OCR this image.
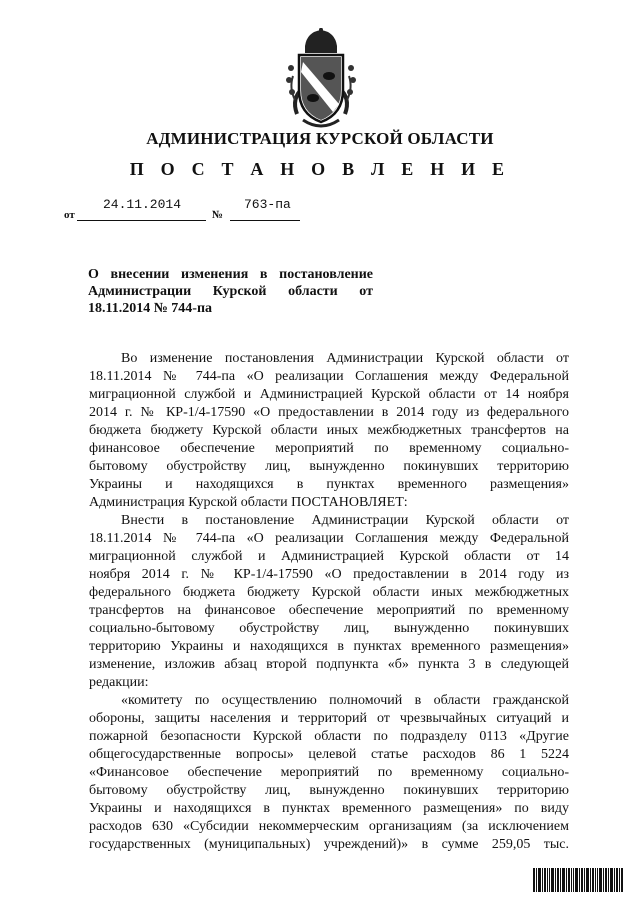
АДМИНИСТРАЦИЯ КУРСКОЙ ОБЛАСТИ
П О С Т А Н О В Л Е Н И Е
от
24.11.2014
№
763-па
О внесении изменения в постановление
Администрации Курской области от
18.11.2014 № 744-па
Во изменение постановления Администрации Курской области от
18.11.2014 № 744-па «О реализации Соглашения между Федеральной
миграционной службой и Администрацией Курской области от 14 ноября
2014 г. № КР-1/4-17590 «О предоставлении в 2014 году из федерального
бюджета бюджету Курской области иных межбюджетных трансфертов на
финансовое обеспечение мероприятий по временному социально-
бытовому обустройству лиц, вынужденно покинувших территорию
Украины и находящихся в пунктах временного размещения»
Администрация Курской области ПОСТАНОВЛЯЕТ:
Внести в постановление Администрации Курской области от
18.11.2014 № 744-па «О реализации Соглашения между Федеральной
миграционной службой и Администрацией Курской области от 14
ноября 2014 г. № КР-1/4-17590 «О предоставлении в 2014 году из
федерального бюджета бюджету Курской области иных межбюджетных
трансфертов на финансовое обеспечение мероприятий по временному
социально-бытовому обустройству лиц, вынужденно покинувших
территорию Украины и находящихся в пунктах временного размещения»
изменение, изложив абзац второй подпункта «б» пункта 3 в следующей
редакции:
«комитету по осуществлению полномочий в области гражданской
обороны, защиты населения и территорий от чрезвычайных ситуаций и
пожарной безопасности Курской области по подразделу 0113 «Другие
общегосударственные вопросы» целевой статье расходов 86 1 5224
«Финансовое обеспечение мероприятий по временному социально-
бытовому обустройству лиц, вынужденно покинувших территорию
Украины и находящихся в пунктах временного размещения» по виду
расходов 630 «Субсидии некоммерческим организациям (за исключением
государственных (муниципальных) учреждений)» в сумме 259,05 тыс.
